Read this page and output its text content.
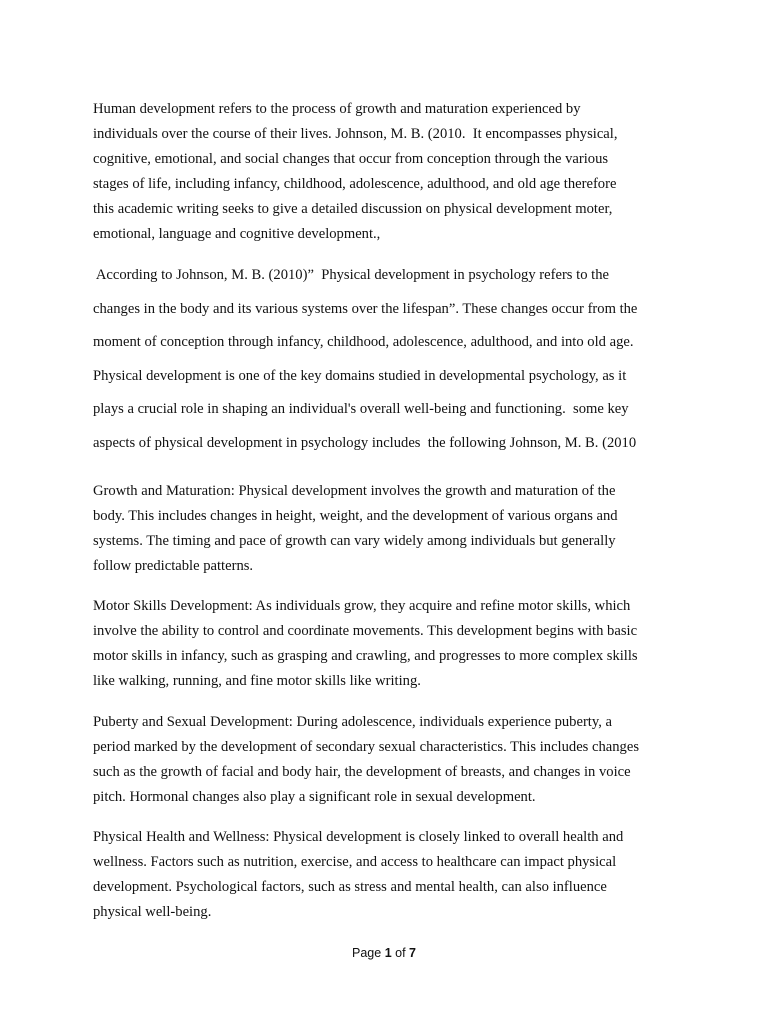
Human development refers to the process of growth and maturation experienced by
individuals over the course of their lives. Johnson, M. B. (2010.  It encompasses physical,
cognitive, emotional, and social changes that occur from conception through the various
stages of life, including infancy, childhood, adolescence, adulthood, and old age therefore
this academic writing seeks to give a detailed discussion on physical development moter,
emotional, language and cognitive development.,
According to Johnson, M. B. (2010)”  Physical development in psychology refers to the
changes in the body and its various systems over the lifespan”. These changes occur from the
moment of conception through infancy, childhood, adolescence, adulthood, and into old age.
Physical development is one of the key domains studied in developmental psychology, as it
plays a crucial role in shaping an individual's overall well-being and functioning.  some key
aspects of physical development in psychology includes  the following Johnson, M. B. (2010
Growth and Maturation: Physical development involves the growth and maturation of the
body. This includes changes in height, weight, and the development of various organs and
systems. The timing and pace of growth can vary widely among individuals but generally
follow predictable patterns.
Motor Skills Development: As individuals grow, they acquire and refine motor skills, which
involve the ability to control and coordinate movements. This development begins with basic
motor skills in infancy, such as grasping and crawling, and progresses to more complex skills
like walking, running, and fine motor skills like writing.
Puberty and Sexual Development: During adolescence, individuals experience puberty, a
period marked by the development of secondary sexual characteristics. This includes changes
such as the growth of facial and body hair, the development of breasts, and changes in voice
pitch. Hormonal changes also play a significant role in sexual development.
Physical Health and Wellness: Physical development is closely linked to overall health and
wellness. Factors such as nutrition, exercise, and access to healthcare can impact physical
development. Psychological factors, such as stress and mental health, can also influence
physical well-being.
Page 1 of 7
